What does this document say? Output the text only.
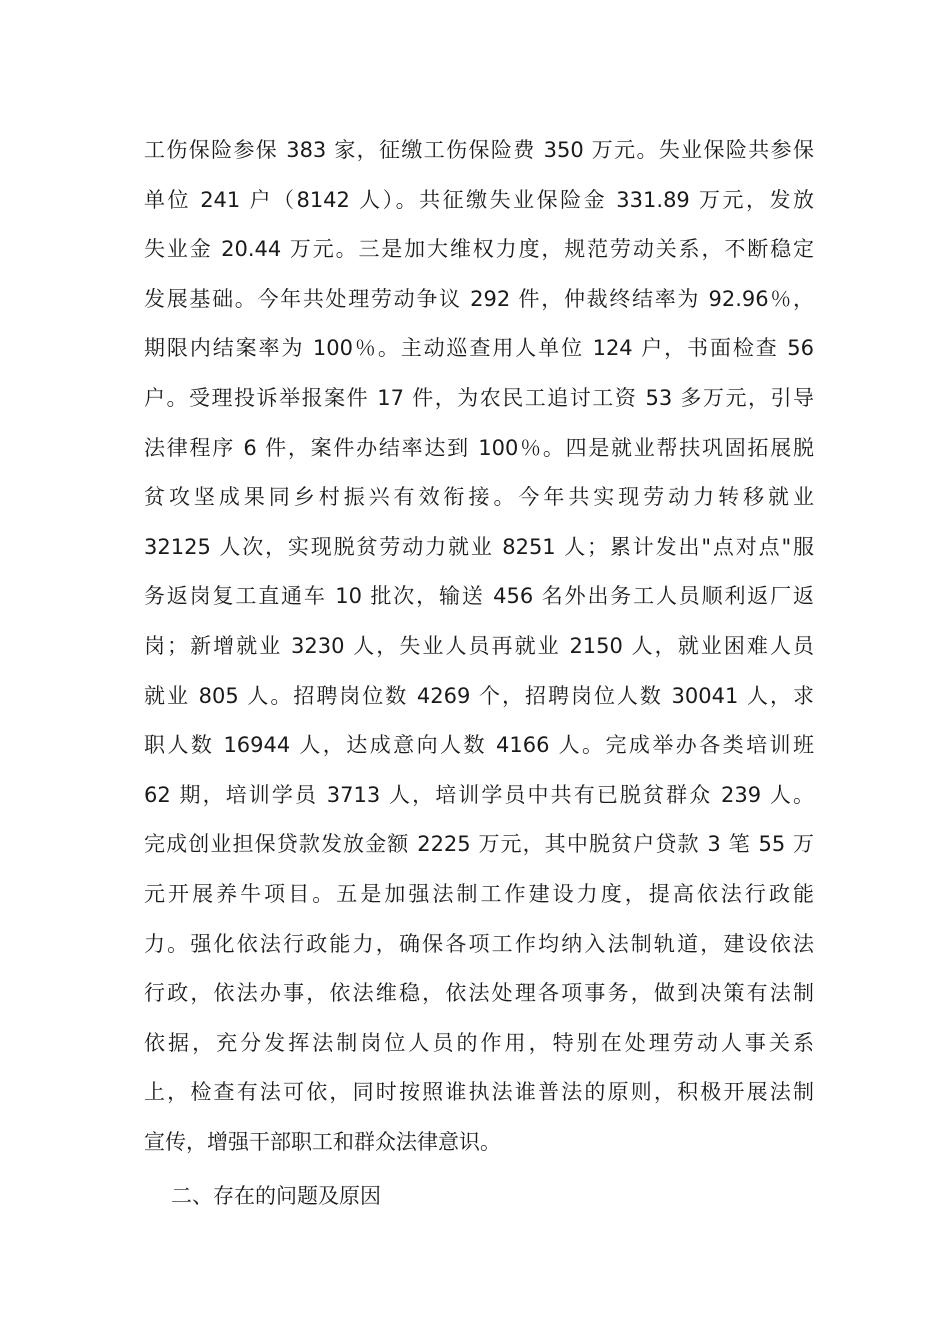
工伤保险参保 383 家，征缴工伤保险费 350 万元。失业保险共参保
单位 241 户（8142 人）。共征缴失业保险金 331.89 万元，发放
失业金 20.44 万元。三是加大维权力度，规范劳动关系，不断稳定
发展基础。今年共处理劳动争议 292 件，仲裁终结率为 92.96％，
期限内结案率为 100％。主动巡查用人单位 124 户，书面检查 56
户。受理投诉举报案件 17 件，为农民工追讨工资 53 多万元，引导
法律程序 6 件，案件办结率达到 100％。四是就业帮扶巩固拓展脱
贫攻坚成果同乡村振兴有效衔接。今年共实现劳动力转移就业
32125 人次，实现脱贫劳动力就业 8251 人；累计发出"点对点"服
务返岗复工直通车 10 批次，输送 456 名外出务工人员顺利返厂返
岗；新增就业 3230 人，失业人员再就业 2150 人，就业困难人员
就业 805 人。招聘岗位数 4269 个，招聘岗位人数 30041 人，求
职人数 16944 人，达成意向人数 4166 人。完成举办各类培训班
62 期，培训学员 3713 人，培训学员中共有已脱贫群众 239 人。
完成创业担保贷款发放金额 2225 万元，其中脱贫户贷款 3 笔 55 万
元开展养牛项目。五是加强法制工作建设力度，提高依法行政能
力。强化依法行政能力，确保各项工作均纳入法制轨道，建设依法
行政，依法办事，依法维稳，依法处理各项事务，做到决策有法制
依据，充分发挥法制岗位人员的作用，特别在处理劳动人事关系
上，检查有法可依，同时按照谁执法谁普法的原则，积极开展法制
宣传，增强干部职工和群众法律意识。
二、存在的问题及原因
